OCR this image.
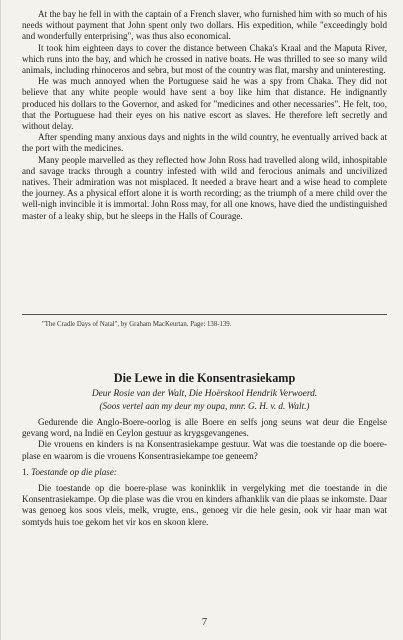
At the bay he fell in with the captain of a French slaver, who furnished him with so much of his needs without payment that John spent only two dollars. His expedition, while "exceedingly bold and wonderfully enterprising", was thus also economical.

It took him eighteen days to cover the distance between Chaka's Kraal and the Maputa River, which runs into the bay, and which he crossed in native boats. He was thrilled to see so many wild animals, including rhinoceros and sebra, but most of the country was flat, marshy and uninteresting.

He was much annoyed when the Portuguese said he was a spy from Chaka. They did not believe that any white people would have sent a boy like him that distance. He indignantly produced his dollars to the Governor, and asked for "medicines and other necessaries". He felt, too, that the Portuguese had their eyes on his native escort as slaves. He therefore left secretly and without delay.

After spending many anxious days and nights in the wild country, he eventually arrived back at the port with the medicines.

Many people marvelled as they reflected how John Ross had travelled along wild, inhospitable and savage tracks through a country infested with wild and ferocious animals and uncivilized natives. Their admiration was not misplaced. It needed a brave heart and a wise head to complete the journey. As a physical effort alone it is worth recording; as the triumph of a mere child over the well-nigh invincible it is immortal. John Ross may, for all one knows, have died the undistinguished master of a leaky ship, but he sleeps in the Halls of Courage.

"The Cradle Days of Natal", by Graham MacKeurtan. Page: 138-139.

Die Lewe in die Konsentrasiekamp
Deur Rosie van der Walt, Die Hoërskool Hendrik Verwoerd.
(Soos vertel aan my deur my oupa, mnr. G. H. v. d. Walt.)

Gedurende die Anglo-Boere-oorlog is alle Boere en selfs jong seuns wat deur die Engelse gevang word, na Indië en Ceylon gestuur as krygsgevangenes.

Die vrouens en kinders is na Konsentrasiekampe gestuur. Wat was die toestande op die boere-plase en waarom is die vrouens Konsentrasiekampe toe geneem?

1. Toestande op die plase:

Die toestande op die boere-plase was koninklik in vergelyking met die toestande in die Konsentrasiekampe. Op die plase was die vrou en kinders afhanklik van die plaas se inkomste. Daar was genoeg kos soos vleis, melk, vrugte, ens., genoeg vir die hele gesin, ook vir haar man wat somtyds huis toe gekom het vir kos en skoon klere.

7
